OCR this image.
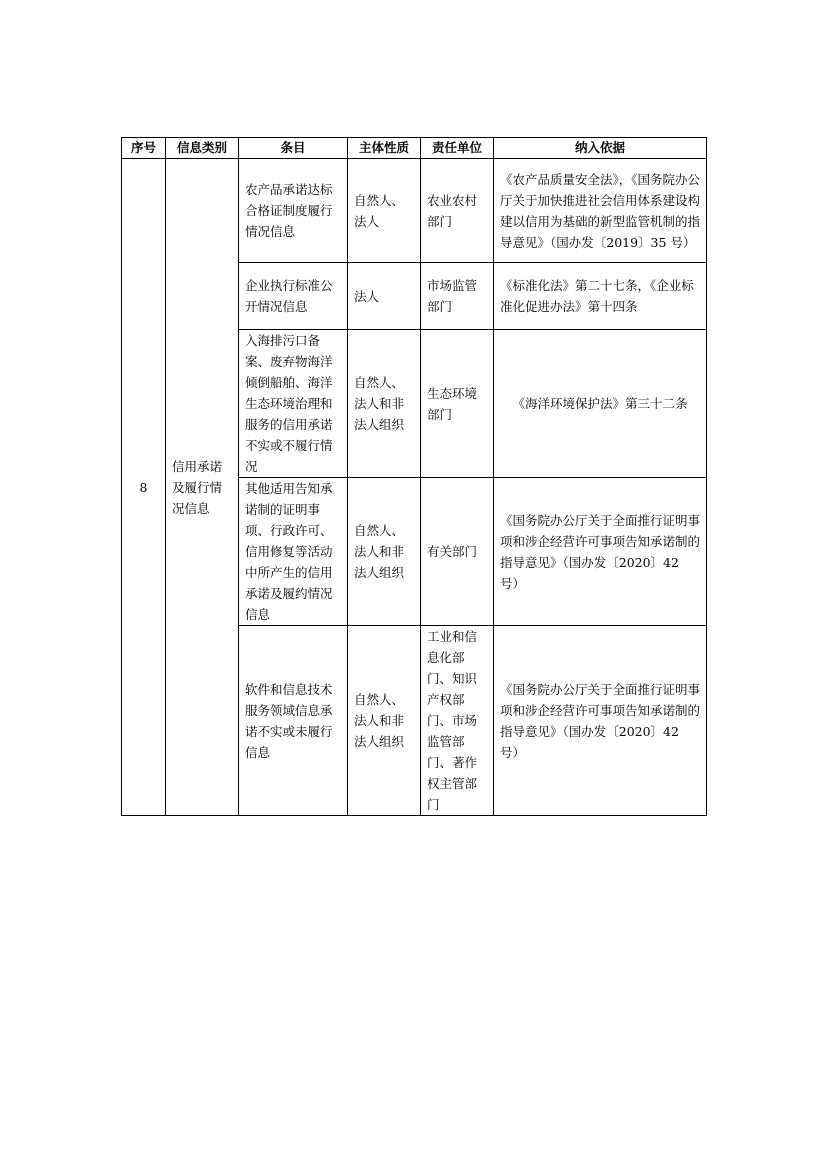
序号	信息类别	条目	主体性质	责任单位	纳入依据
8	信用承诺及履行情况信息	农产品承诺达标合格证制度履行情况信息	自然人、法人	农业农村部门	《农产品质量安全法》，《国务院办公厅关于加快推进社会信用体系建设构建以信用为基础的新型监管机制的指导意见》（国办发〔2019〕35 号）

		企业执行标准公开情况信息	法人	市场监管部门	《标准化法》第二十七条，《企业标准化促进办法》第十四条

		入海排污口备案、废弃物海洋倾倒船舶、海洋生态环境治理和服务的信用承诺不实或不履行情况	自然人、法人和非法人组织	生态环境部门	《海洋环境保护法》第三十二条

		其他适用告知承诺制的证明事项、行政许可、信用修复等活动中所产生的信用承诺及履约情况信息	自然人、法人和非法人组织	有关部门	《国务院办公厅关于全面推行证明事项和涉企经营许可事项告知承诺制的指导意见》（国办发〔2020〕42 号）

		软件和信息技术服务领域信息承诺不实或未履行信息	自然人、法人和非法人组织	工业和信息化部门、知识产权部门、市场监管部门、著作权主管部门	《国务院办公厅关于全面推行证明事项和涉企经营许可事项告知承诺制的指导意见》（国办发〔2020〕42 号）
